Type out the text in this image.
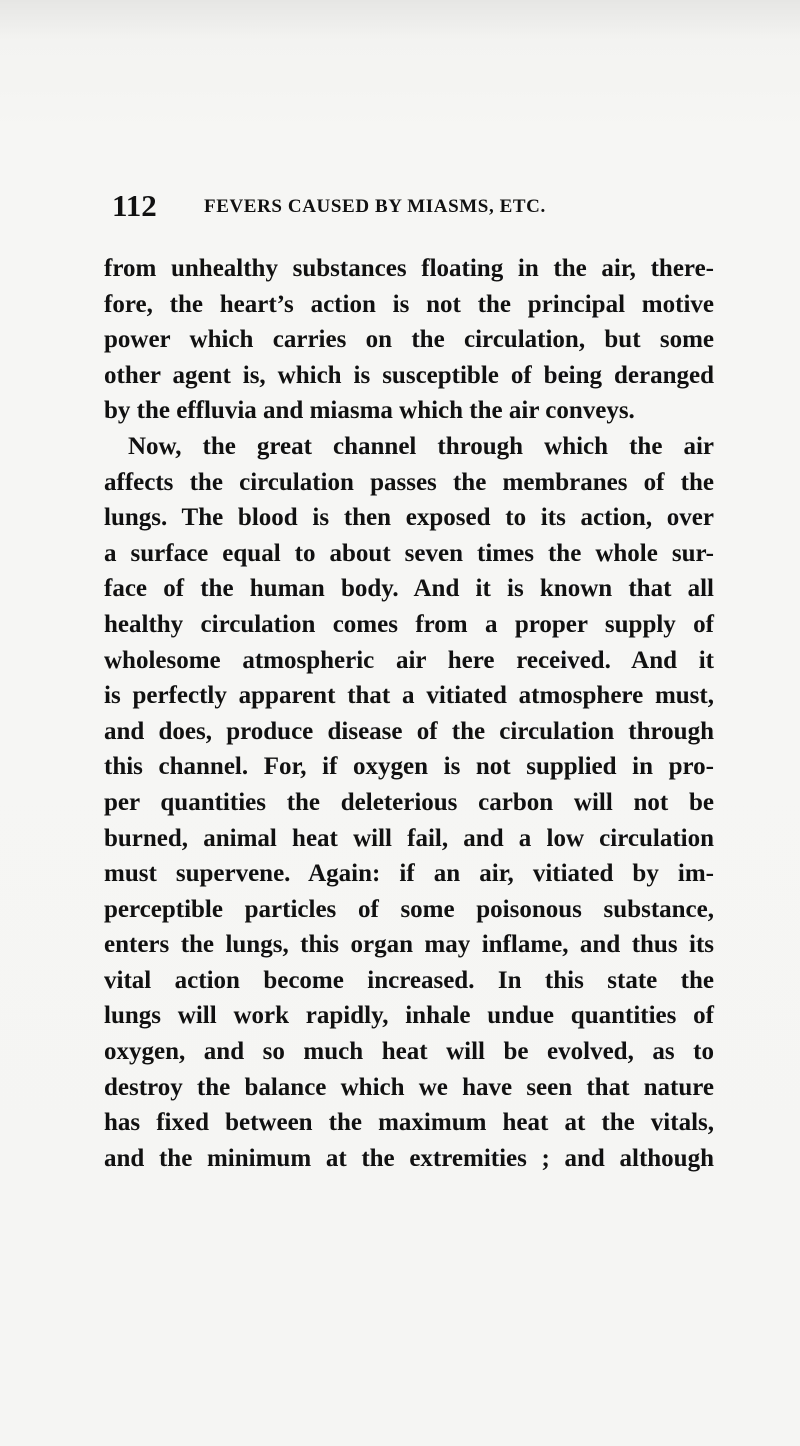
112 FEVERS CAUSED BY MIASMS, ETC.
from unhealthy substances floating in the air, there-
fore, the heart’s action is not the principal motive
power which carries on the circulation, but some
other agent is, which is susceptible of being deranged
by the effluvia and miasma which the air conveys.
Now, the great channel through which the air
affects the circulation passes the membranes of the
lungs. The blood is then exposed to its action, over
a surface equal to about seven times the whole sur-
face of the human body. And it is known that all
healthy circulation comes from a proper supply of
wholesome atmospheric air here received. And it
is perfectly apparent that a vitiated atmosphere must,
and does, produce disease of the circulation through
this channel. For, if oxygen is not supplied in pro-
per quantities the deleterious carbon will not be
burned, animal heat will fail, and a low circulation
must supervene. Again: if an air, vitiated by im-
perceptible particles of some poisonous substance,
enters the lungs, this organ may inflame, and thus its
vital action become increased. In this state the
lungs will work rapidly, inhale undue quantities of
oxygen, and so much heat will be evolved, as to
destroy the balance which we have seen that nature
has fixed between the maximum heat at the vitals,
and the minimum at the extremities ; and although
